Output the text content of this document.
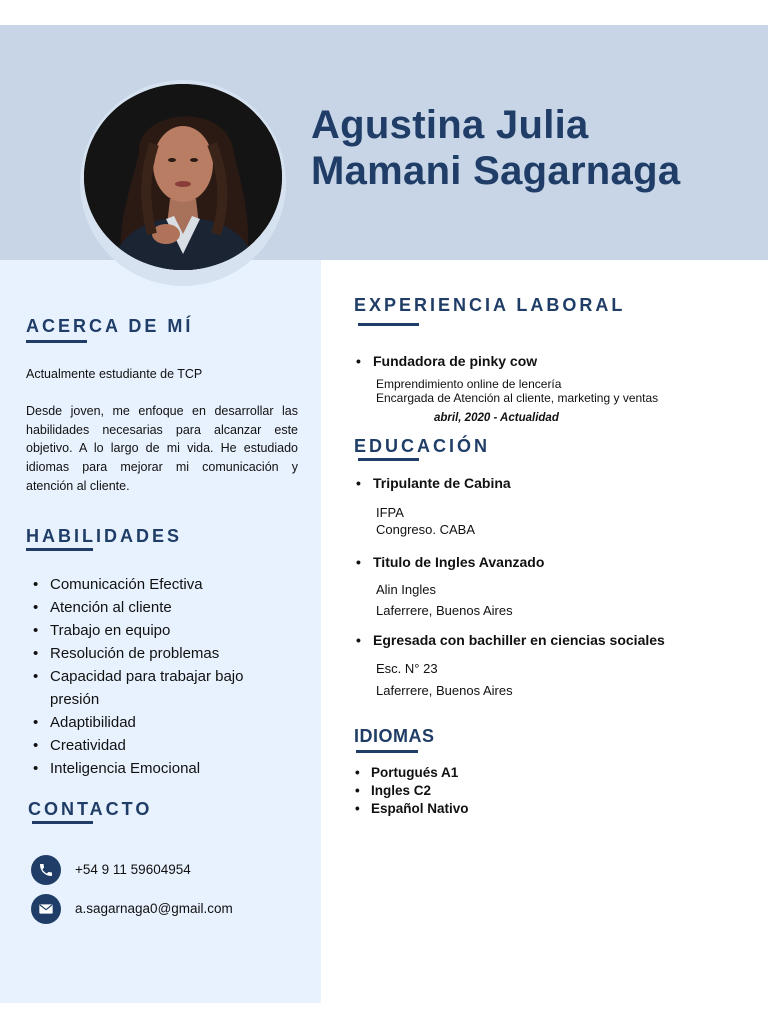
Agustina Julia
Mamani Sagarnaga
ACERCA DE MÍ
Actualmente estudiante de TCP
Desde joven, me enfoque en desarrollar las habilidades necesarias para alcanzar este objetivo. A lo largo de mi vida. He estudiado idiomas para mejorar mi comunicación y atención al cliente.
HABILIDADES
• Comunicación Efectiva
• Atención al cliente
• Trabajo en equipo
• Resolución de problemas
• Capacidad para trabajar bajo presión
• Adaptibilidad
• Creatividad
• Inteligencia Emocional
CONTACTO
+54 9 11 59604954
a.sagarnaga0@gmail.com
EXPERIENCIA LABORAL
• Fundadora de pinky cow
Emprendimiento online de lencería
Encargada de Atención al cliente, marketing y ventas
abril, 2020 - Actualidad
EDUCACIÓN
• Tripulante de Cabina
IFPA
Congreso. CABA
• Titulo de Ingles Avanzado
Alin Ingles
Laferrere, Buenos Aires
• Egresada con bachiller en ciencias sociales
Esc. N° 23
Laferrere, Buenos Aires
IDIOMAS
• Portugués A1
• Ingles C2
• Español Nativo
